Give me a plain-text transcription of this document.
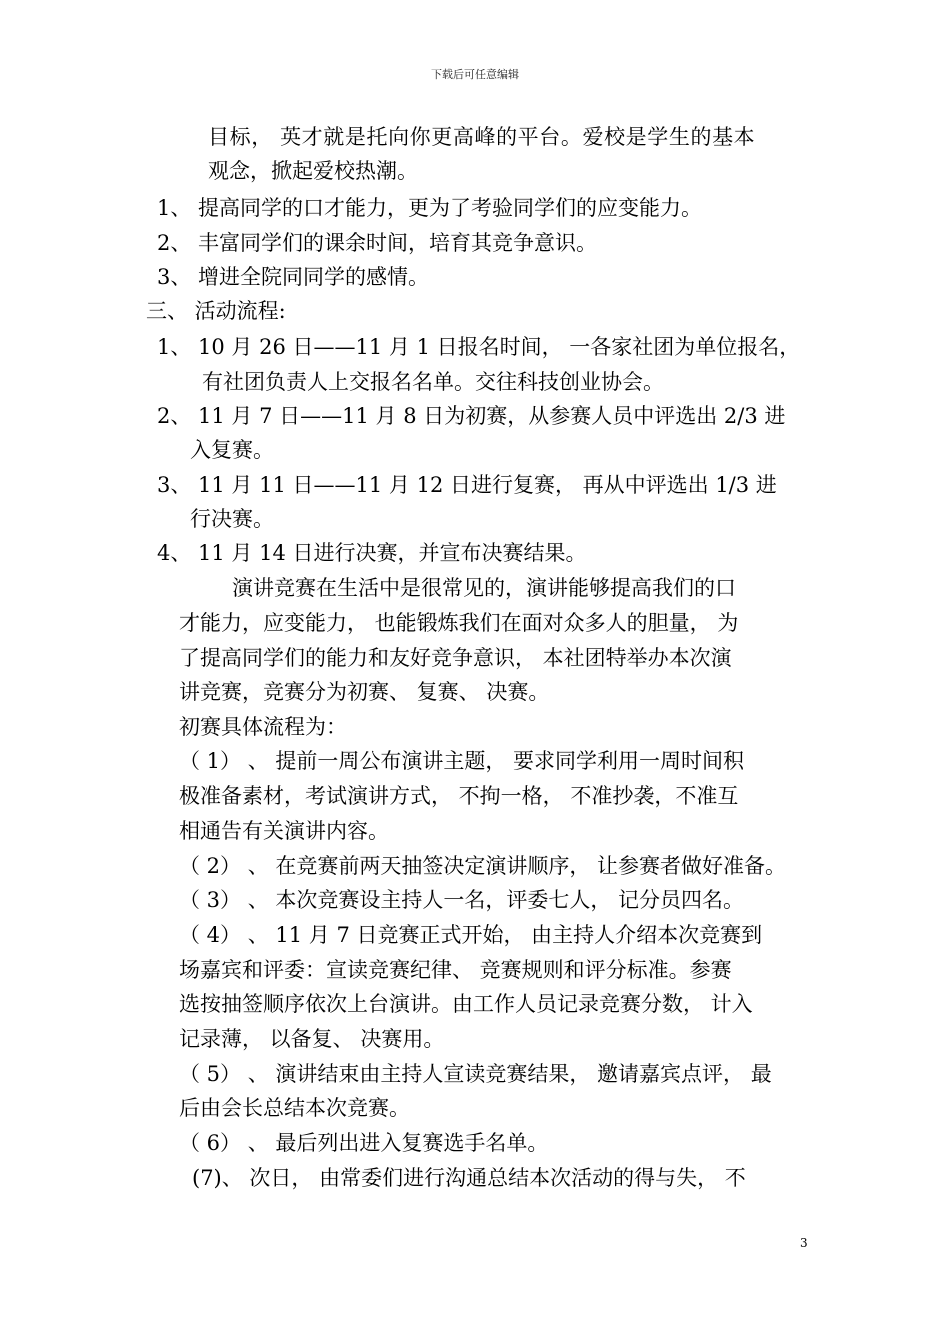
下载后可任意编辑
目标， 英才就是托向你更高峰的平台。爱校是学生的基本
观念，掀起爱校热潮。
1、 提高同学的口才能力，更为了考验同学们的应变能力。
2、 丰富同学们的课余时间，培育其竞争意识。
3、 增进全院同同学的感情。
三、 活动流程:
1、 10 月 26 日——11 月 1 日报名时间， 一各家社团为单位报名，
有社团负责人上交报名名单。交往科技创业协会。
2、 11 月 7 日——11 月 8 日为初赛，从参赛人员中评选出 2/3 进
入复赛。
3、 11 月 11 日——11 月 12 日进行复赛， 再从中评选出 1/3 进
行决赛。
4、 11 月 14 日进行决赛，并宣布决赛结果。
演讲竞赛在生活中是很常见的，演讲能够提高我们的口
才能力，应变能力， 也能锻炼我们在面对众多人的胆量， 为
了提高同学们的能力和友好竞争意识， 本社团特举办本次演
讲竞赛，竞赛分为初赛、 复赛、 决赛。
初赛具体流程为：
（ 1） 、 提前一周公布演讲主题， 要求同学利用一周时间积
极准备素材，考试演讲方式， 不拘一格， 不准抄袭，不准互
相通告有关演讲内容。
（ 2） 、 在竞赛前两天抽签决定演讲顺序， 让参赛者做好准备。
（ 3） 、 本次竞赛设主持人一名，评委七人， 记分员四名。
（ 4） 、 11 月 7 日竞赛正式开始， 由主持人介绍本次竞赛到
场嘉宾和评委：宣读竞赛纪律、 竞赛规则和评分标准。参赛
选按抽签顺序依次上台演讲。由工作人员记录竞赛分数， 计入
记录薄， 以备复、 决赛用。
（ 5） 、 演讲结束由主持人宣读竞赛结果， 邀请嘉宾点评， 最
后由会长总结本次竞赛。
（ 6） 、 最后列出进入复赛选手名单。
(7)、 次日， 由常委们进行沟通总结本次活动的得与失， 不
3
